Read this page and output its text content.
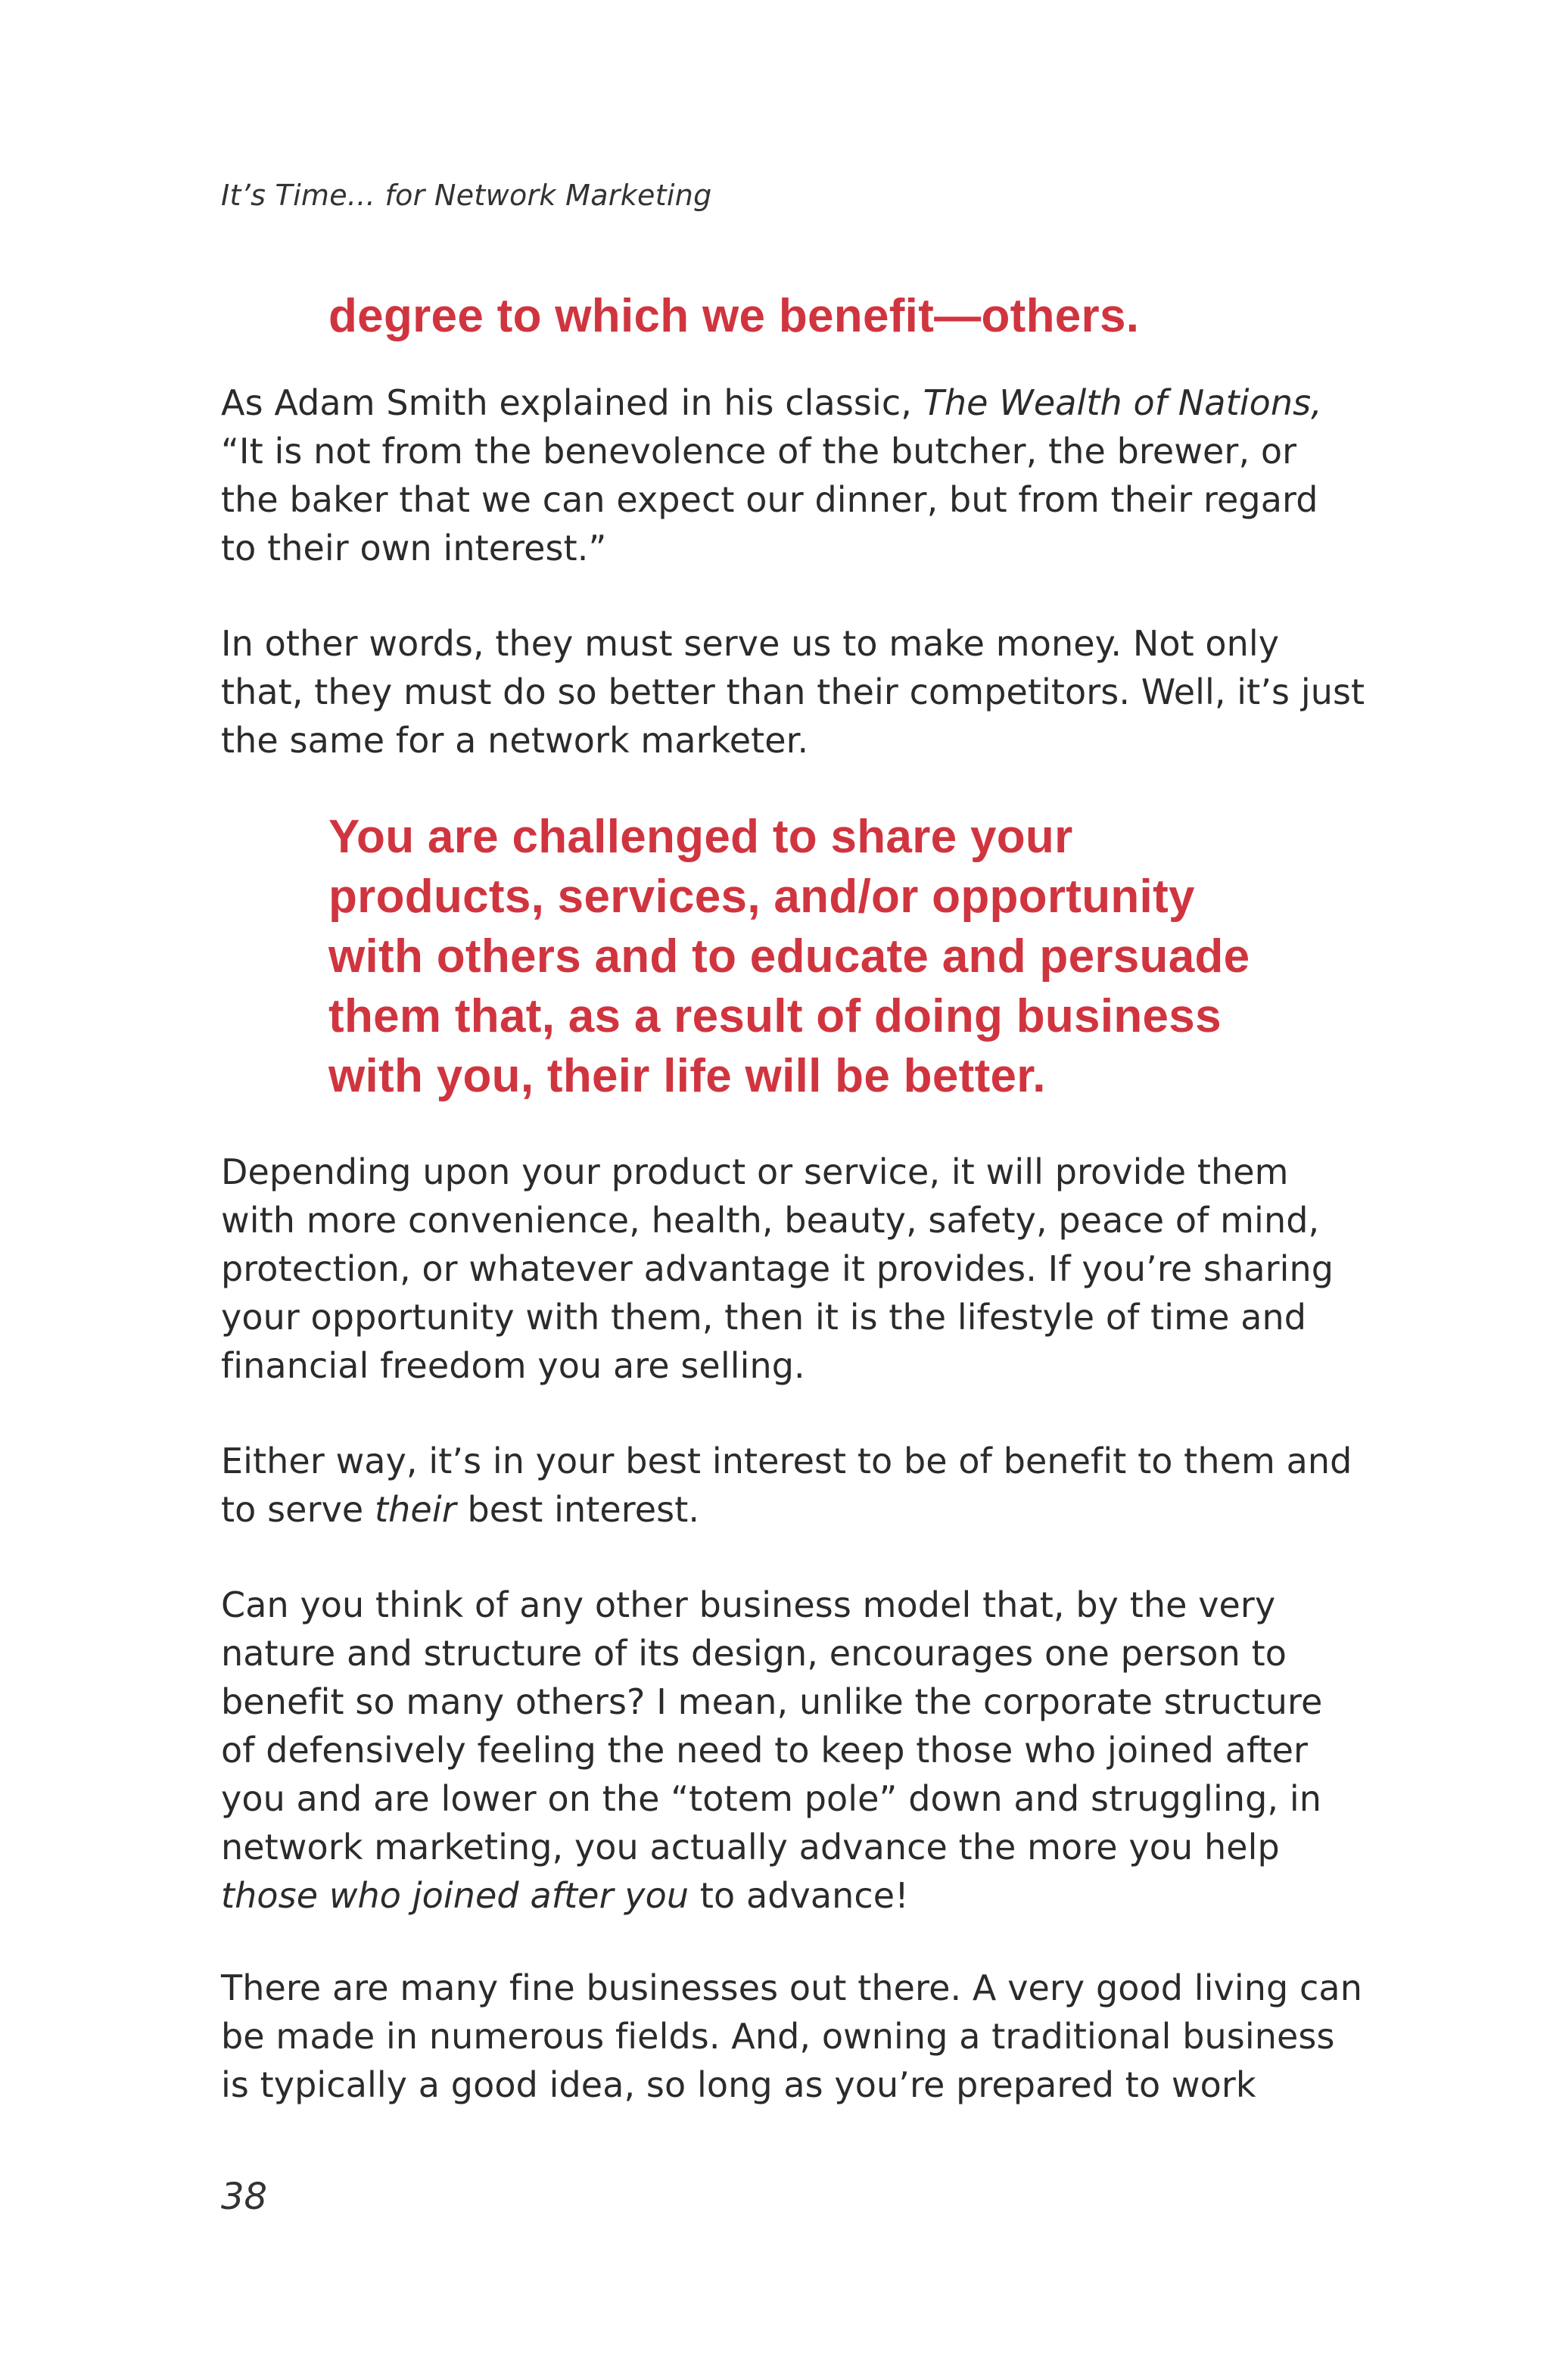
It’s Time... for Network Marketing
degree to which we benefit—others.
As Adam Smith explained in his classic, The Wealth of Nations,
“It is not from the benevolence of the butcher, the brewer, or
the baker that we can expect our dinner, but from their regard
to their own interest.”
In other words, they must serve us to make money. Not only
that, they must do so better than their competitors. Well, it’s just
the same for a network marketer.
You are challenged to share your
products, services, and/or opportunity
with others and to educate and persuade
them that, as a result of doing business
with you, their life will be better.
Depending upon your product or service, it will provide them
with more convenience, health, beauty, safety, peace of mind,
protection, or whatever advantage it provides. If you’re sharing
your opportunity with them, then it is the lifestyle of time and
financial freedom you are selling.
Either way, it’s in your best interest to be of benefit to them and
to serve their best interest.
Can you think of any other business model that, by the very
nature and structure of its design, encourages one person to
benefit so many others? I mean, unlike the corporate structure
of defensively feeling the need to keep those who joined after
you and are lower on the “totem pole” down and struggling, in
network marketing, you actually advance the more you help
those who joined after you to advance!
There are many fine businesses out there. A very good living can
be made in numerous fields. And, owning a traditional business
is typically a good idea, so long as you’re prepared to work
38
